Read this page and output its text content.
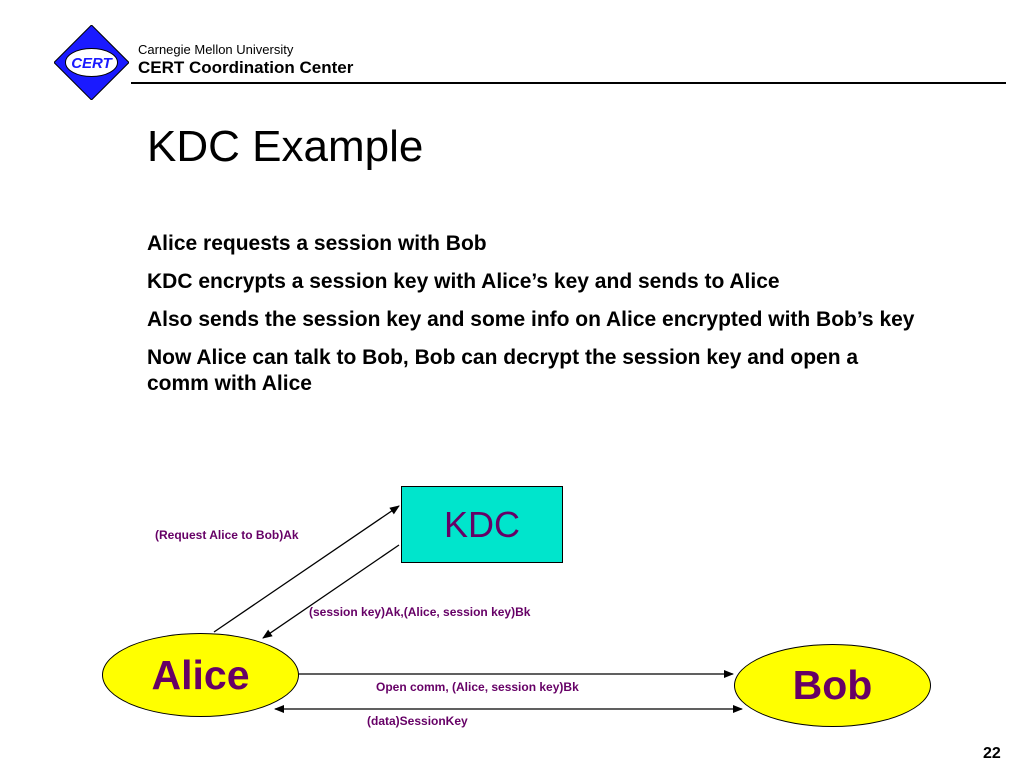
CERT
Carnegie Mellon University
CERT Coordination Center
KDC Example
Alice requests a session with Bob
KDC encrypts a session key with Alice’s key and sends to Alice
Also sends the session key and some info on Alice encrypted with Bob’s key
Now Alice can talk to Bob, Bob can decrypt the session key and open a comm with Alice
KDC
Alice	Bob
(Request Alice to Bob)Ak
(session key)Ak,(Alice, session key)Bk
Open comm, (Alice, session key)Bk
(data)SessionKey
22
